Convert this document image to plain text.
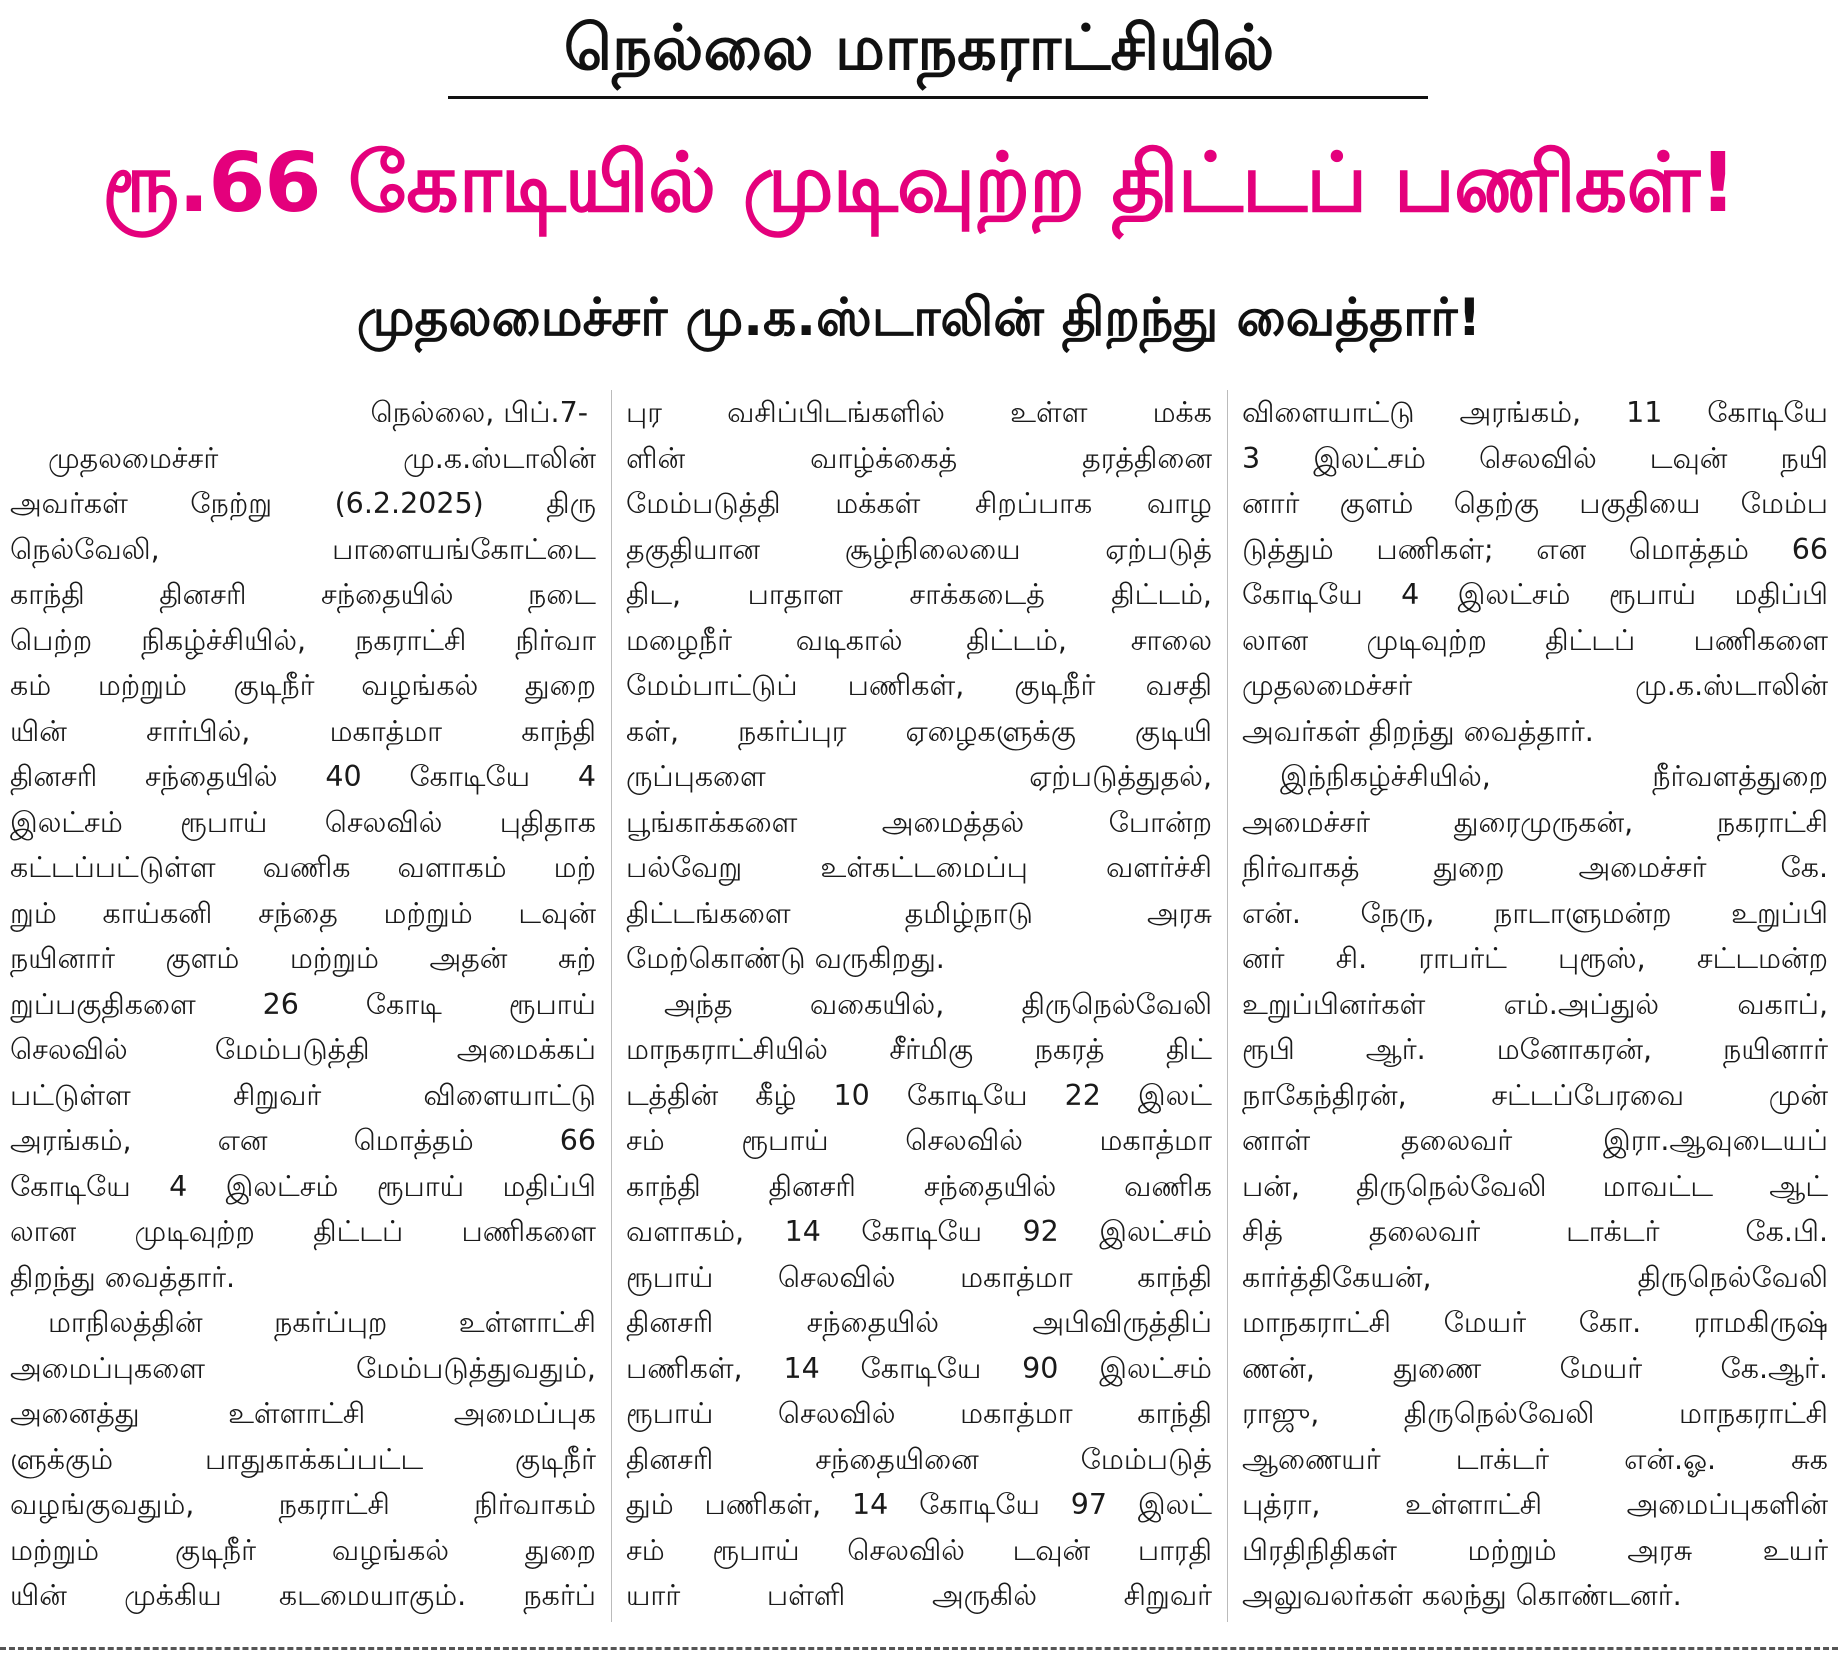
நெல்லை மாநகராட்சியில்
ரூ.66 கோடியில் முடிவுற்ற திட்டப் பணிகள்!
முதலமைச்சர் மு.க.ஸ்டாலின் திறந்து வைத்தார்!
நெல்லை, பிப்.7-
முதலமைச்சர் மு.க.ஸ்டாலின்
அவர்கள் நேற்று (6.2.2025) திரு
நெல்வேலி, பாளையங்கோட்டை
காந்தி தினசரி சந்தையில் நடை
பெற்ற நிகழ்ச்சியில், நகராட்சி நிர்வா
கம் மற்றும் குடிநீர் வழங்கல் துறை
யின் சார்பில், மகாத்மா காந்தி
தினசரி சந்தையில் 40 கோடியே 4
இலட்சம் ரூபாய் செலவில் புதிதாக
கட்டப்பட்டுள்ள வணிக வளாகம் மற்
றும் காய்கனி சந்தை மற்றும் டவுன்
நயினார் குளம் மற்றும் அதன் சுற்
றுப்பகுதிகளை 26 கோடி ரூபாய்
செலவில் மேம்படுத்தி அமைக்கப்
பட்டுள்ள சிறுவர் விளையாட்டு
அரங்கம், என மொத்தம் 66
கோடியே 4 இலட்சம் ரூபாய் மதிப்பி
லான முடிவுற்ற திட்டப் பணிகளை
திறந்து வைத்தார்.
மாநிலத்தின் நகர்ப்புற உள்ளாட்சி
அமைப்புகளை மேம்படுத்துவதும்,
அனைத்து உள்ளாட்சி அமைப்புக
ளுக்கும் பாதுகாக்கப்பட்ட குடிநீர்
வழங்குவதும், நகராட்சி நிர்வாகம்
மற்றும் குடிநீர் வழங்கல் துறை
யின் முக்கிய கடமையாகும். நகர்ப்
புர வசிப்பிடங்களில் உள்ள மக்க
ளின் வாழ்க்கைத் தரத்தினை
மேம்படுத்தி மக்கள் சிறப்பாக வாழ
தகுதியான சூழ்நிலையை ஏற்படுத்
திட, பாதாள சாக்கடைத் திட்டம்,
மழைநீர் வடிகால் திட்டம், சாலை
மேம்பாட்டுப் பணிகள், குடிநீர் வசதி
கள், நகர்ப்புர ஏழைகளுக்கு குடியி
ருப்புகளை ஏற்படுத்துதல்,
பூங்காக்களை அமைத்தல் போன்ற
பல்வேறு உள்கட்டமைப்பு வளர்ச்சி
திட்டங்களை தமிழ்நாடு அரசு
மேற்கொண்டு வருகிறது.
அந்த வகையில், திருநெல்வேலி
மாநகராட்சியில் சீர்மிகு நகரத் திட்
டத்தின் கீழ் 10 கோடியே 22 இலட்
சம் ரூபாய் செலவில் மகாத்மா
காந்தி தினசரி சந்தையில் வணிக
வளாகம், 14 கோடியே 92 இலட்சம்
ரூபாய் செலவில் மகாத்மா காந்தி
தினசரி சந்தையில் அபிவிருத்திப்
பணிகள், 14 கோடியே 90 இலட்சம்
ரூபாய் செலவில் மகாத்மா காந்தி
தினசரி சந்தையினை மேம்படுத்
தும் பணிகள், 14 கோடியே 97 இலட்
சம் ரூபாய் செலவில் டவுன் பாரதி
யார் பள்ளி அருகில் சிறுவர்
விளையாட்டு அரங்கம், 11 கோடியே
3 இலட்சம் செலவில் டவுன் நயி
னார் குளம் தெற்கு பகுதியை மேம்ப
டுத்தும் பணிகள்; என மொத்தம் 66
கோடியே 4 இலட்சம் ரூபாய் மதிப்பி
லான முடிவுற்ற திட்டப் பணிகளை
முதலமைச்சர் மு.க.ஸ்டாலின்
அவர்கள் திறந்து வைத்தார்.
இந்நிகழ்ச்சியில், நீர்வளத்துறை
அமைச்சர் துரைமுருகன், நகராட்சி
நிர்வாகத் துறை அமைச்சர் கே.
என். நேரு, நாடாளுமன்ற உறுப்பி
னர் சி. ராபர்ட் புரூஸ், சட்டமன்ற
உறுப்பினர்கள் எம்.அப்துல் வகாப்,
ரூபி ஆர். மனோகரன், நயினார்
நாகேந்திரன், சட்டப்பேரவை முன்
னாள் தலைவர் இரா.ஆவுடையப்
பன், திருநெல்வேலி மாவட்ட ஆட்
சித் தலைவர் டாக்டர் கே.பி.
கார்த்திகேயன், திருநெல்வேலி
மாநகராட்சி மேயர் கோ. ராமகிருஷ்
ணன், துணை மேயர் கே.ஆர்.
ராஜு, திருநெல்வேலி மாநகராட்சி
ஆணையர் டாக்டர் என்.ஓ. சுக
புத்ரா, உள்ளாட்சி அமைப்புகளின்
பிரதிநிதிகள் மற்றும் அரசு உயர்
அலுவலர்கள் கலந்து கொண்டனர்.
